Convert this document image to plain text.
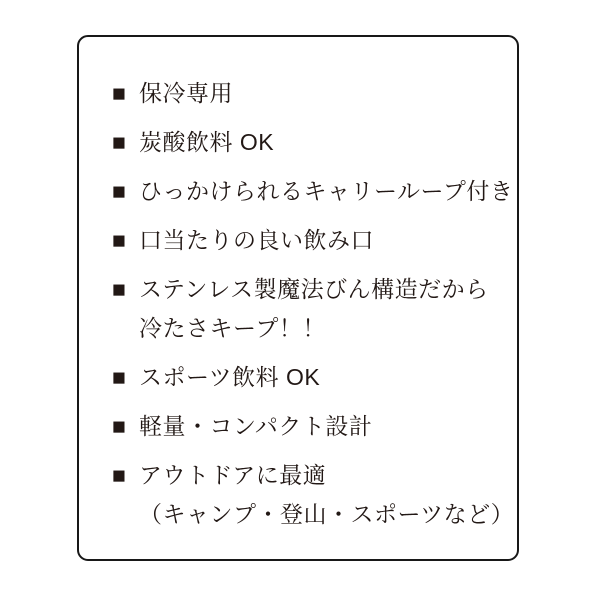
■ 保冷専用
■ 炭酸飲料 OK
■ ひっかけられるキャリーループ付き
■ 口当たりの良い飲み口
■ ステンレス製魔法びん構造だから
冷たさキープ！！
■ スポーツ飲料 OK
■ 軽量・コンパクト設計
■ アウトドアに最適
（キャンプ・登山・スポーツなど）
